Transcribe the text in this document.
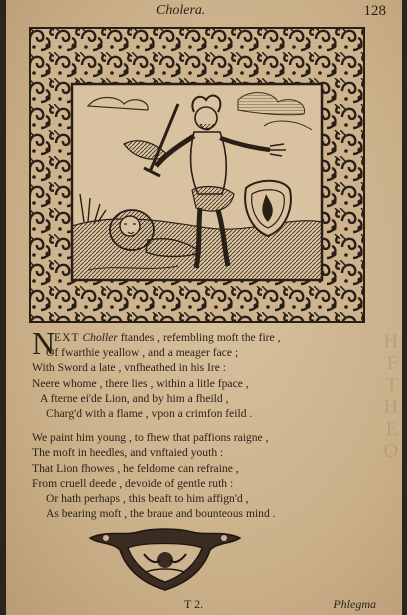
H
F
T
H
E
O
Cholera.	128
N
EXT Choller ftandes , refembling moft the fire ,
Of fwarthie yeallow , and a meager face ;
With Sword a late , vnfheathed in his Ire :
Neere whome , there lies , within a litle fpace ,
A fterne ei'de Lion, and by him a fheild ,
Charg'd with a flame , vpon a crimfon feild .
We paint him young , to fhew that paffions raigne ,
The moft in heedles, and vnftaied youth :
That Lion fhowes , he feldome can refraine ,
From cruell deede , devoide of gentle ruth :
Or hath perhaps , this beaft to him affign'd ,
As bearing moft , the braue and bounteous mind .
T 2.	Phlegma
